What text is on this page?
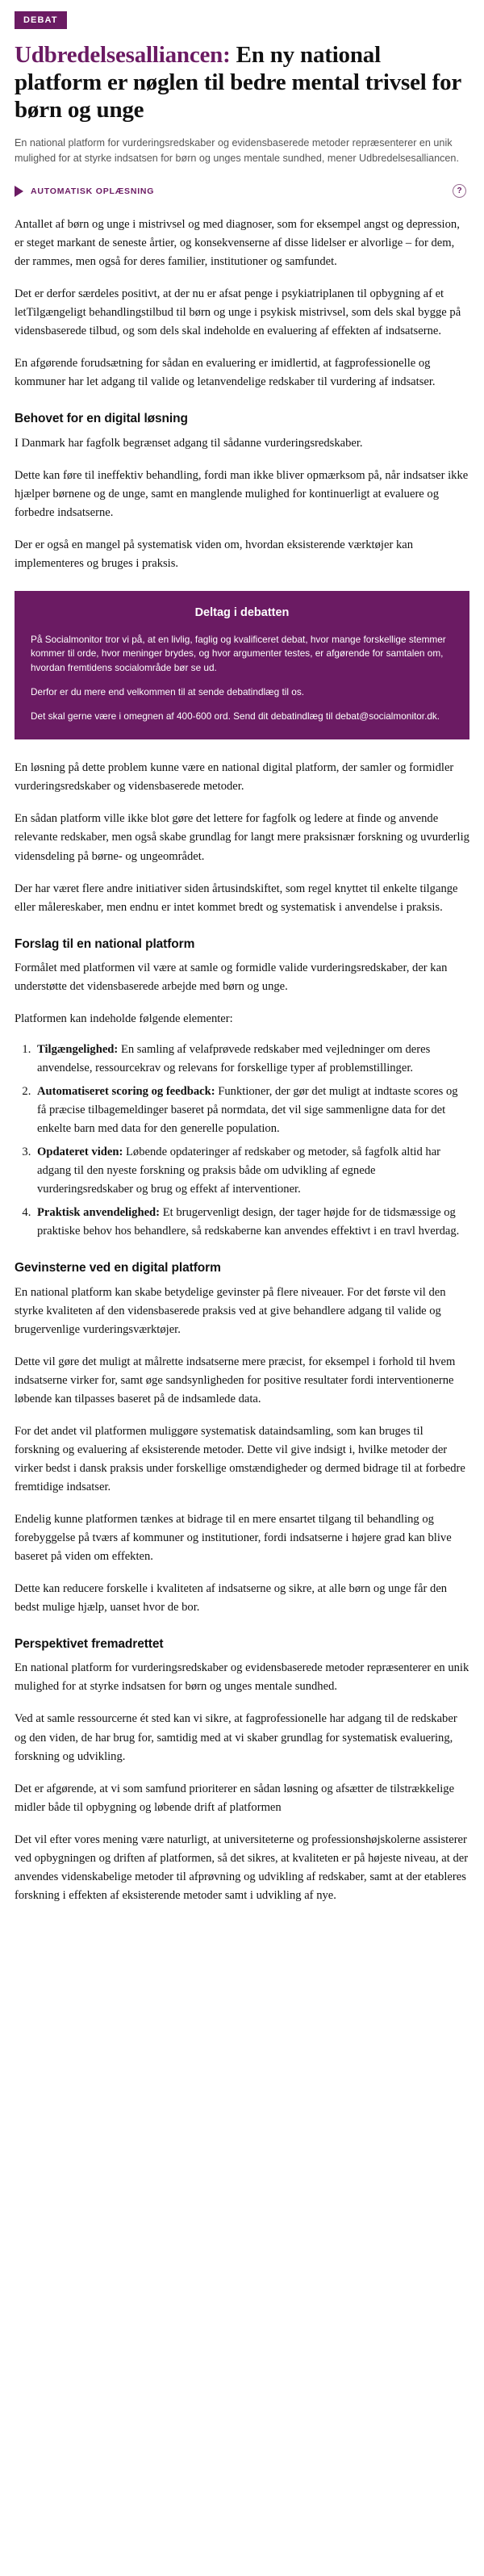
DEBAT
Udbredelsesalliancen: En ny national platform er nøglen til bedre mental trivsel for børn og unge

En national platform for vurderingsredskaber og evidensbaserede metoder repræsenterer en unik mulighed for at styrke indsatsen for børn og unges mentale sundhed, mener Udbredelsesalliancen.

AUTOMATISK OPLÆSNING	?

Antallet af børn og unge i mistrivsel og med diagnoser, som for eksempel angst og depression, er steget markant de seneste årtier, og konsekvenserne af disse lidelser er alvorlige – for dem, der rammes, men også for deres familier, institutioner og samfundet.

Det er derfor særdeles positivt, at der nu er afsat penge i psykiatriplanen til opbygning af et letTilgængeligt behandlingstilbud til børn og unge i psykisk mistrivsel, som dels skal bygge på vidensbaserede tilbud, og som dels skal indeholde en evaluering af effekten af indsatserne.

En afgørende forudsætning for sådan en evaluering er imidlertid, at fagprofessionelle og kommuner har let adgang til valide og letanvendelige redskaber til vurdering af indsatser.

Behovet for en digital løsning

I Danmark har fagfolk begrænset adgang til sådanne vurderingsredskaber.

Dette kan føre til ineffektiv behandling, fordi man ikke bliver opmærksom på, når indsatser ikke hjælper børnene og de unge, samt en manglende mulighed for kontinuerligt at evaluere og forbedre indsatserne.

Der er også en mangel på systematisk viden om, hvordan eksisterende værktøjer kan implementeres og bruges i praksis.

Deltag i debatten

På Socialmonitor tror vi på, at en livlig, faglig og kvalificeret debat, hvor mange forskellige stemmer kommer til orde, hvor meninger brydes, og hvor argumenter testes, er afgørende for samtalen om, hvordan fremtidens socialområde bør se ud.

Derfor er du mere end velkommen til at sende debatindlæg til os.

Det skal gerne være i omegnen af 400-600 ord. Send dit debatindlæg til debat@socialmonitor.dk.

En løsning på dette problem kunne være en national digital platform, der samler og formidler vurderingsredskaber og vidensbaserede metoder.

En sådan platform ville ikke blot gøre det lettere for fagfolk og ledere at finde og anvende relevante redskaber, men også skabe grundlag for langt mere praksisnær forskning og uvurderlig vidensdeling på børne- og ungeområdet.

Der har været flere andre initiativer siden årtusindskiftet, som regel knyttet til enkelte tilgange eller målereskaber, men endnu er intet kommet bredt og systematisk i anvendelse i praksis.

Forslag til en national platform

Formålet med platformen vil være at samle og formidle valide vurderingsredskaber, der kan understøtte det vidensbaserede arbejde med børn og unge.

Platformen kan indeholde følgende elementer:

1. Tilgængelighed: En samling af velafprøvede redskaber med vejledninger om deres anvendelse, ressourcekrav og relevans for forskellige typer af problemstillinger.
2. Automatiseret scoring og feedback: Funktioner, der gør det muligt at indtaste scores og få præcise tilbagemeldinger baseret på normdata, det vil sige sammenligne data for det enkelte barn med data for den generelle population.
3. Opdateret viden: Løbende opdateringer af redskaber og metoder, så fagfolk altid har adgang til den nyeste forskning og praksis både om udvikling af egnede vurderingsredskaber og brug og effekt af interventioner.
4. Praktisk anvendelighed: Et brugervenligt design, der tager højde for de tidsmæssige og praktiske behov hos behandlere, så redskaberne kan anvendes effektivt i en travl hverdag.
Gevinsterne ved en digital platform

En national platform kan skabe betydelige gevinster på flere niveauer. For det første vil den styrke kvaliteten af den vidensbaserede praksis ved at give behandlere adgang til valide og brugervenlige vurderingsværktøjer.

Dette vil gøre det muligt at målrette indsatserne mere præcist, for eksempel i forhold til hvem indsatserne virker for, samt øge sandsynligheden for positive resultater fordi interventionerne løbende kan tilpasses baseret på de indsamlede data.

For det andet vil platformen muliggøre systematisk dataindsamling, som kan bruges til forskning og evaluering af eksisterende metoder. Dette vil give indsigt i, hvilke metoder der virker bedst i dansk praksis under forskellige omstændigheder og dermed bidrage til at forbedre fremtidige indsatser.

Endelig kunne platformen tænkes at bidrage til en mere ensartet tilgang til behandling og forebyggelse på tværs af kommuner og institutioner, fordi indsatserne i højere grad kan blive baseret på viden om effekten.

Dette kan reducere forskelle i kvaliteten af indsatserne og sikre, at alle børn og unge får den bedst mulige hjælp, uanset hvor de bor.

Perspektivet fremadrettet

En national platform for vurderingsredskaber og evidensbaserede metoder repræsenterer en unik mulighed for at styrke indsatsen for børn og unges mentale sundhed.

Ved at samle ressourcerne ét sted kan vi sikre, at fagprofessionelle har adgang til de redskaber og den viden, de har brug for, samtidig med at vi skaber grundlag for systematisk evaluering, forskning og udvikling.

Det er afgørende, at vi som samfund prioriterer en sådan løsning og afsætter de tilstrækkelige midler både til opbygning og løbende drift af platformen

Det vil efter vores mening være naturligt, at universiteterne og professionshøjskolerne assisterer ved opbygningen og driften af platformen, så det sikres, at kvaliteten er på højeste niveau, at der anvendes videnskabelige metoder til afprøvning og udvikling af redskaber, samt at der etableres forskning i effekten af eksisterende metoder samt i udvikling af nye.
